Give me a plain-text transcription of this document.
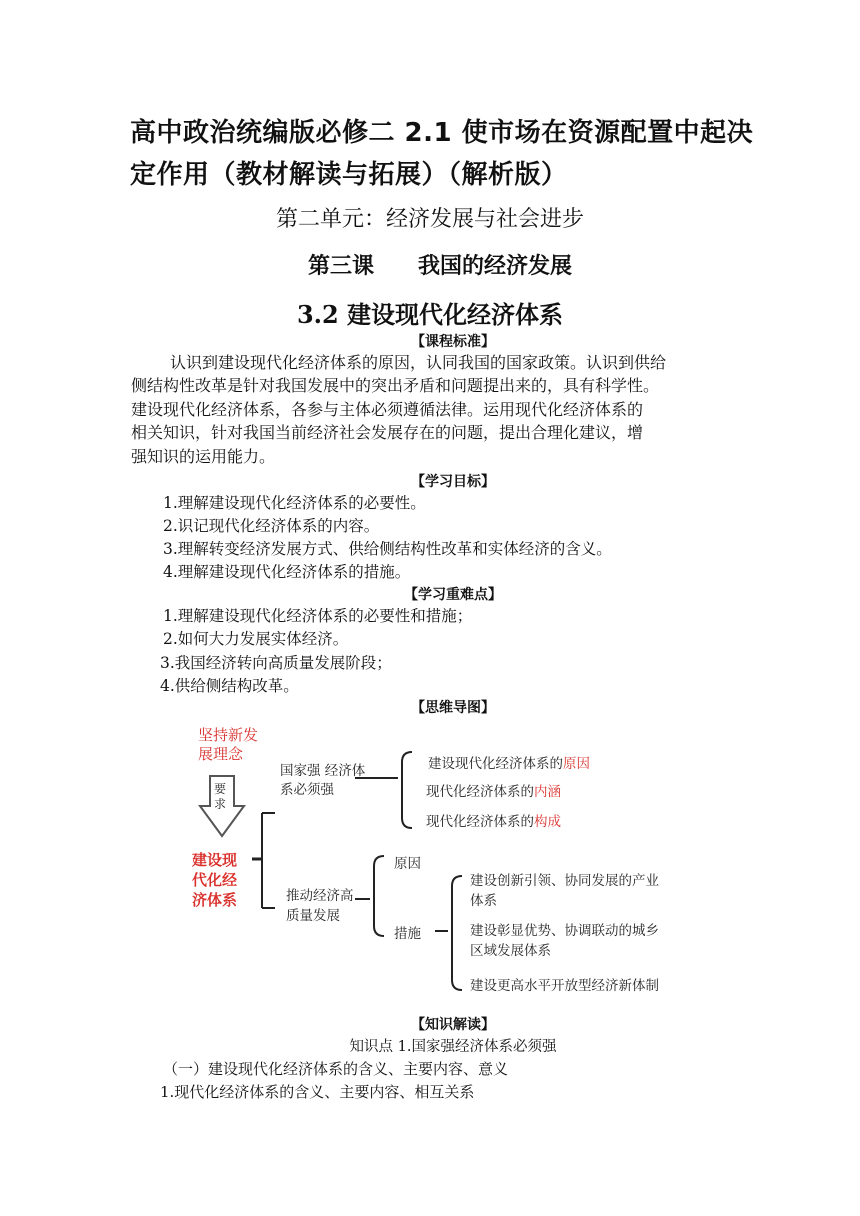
高中政治统编版必修二 2.1 使市场在资源配置中起决
定作用（教材解读与拓展）（解析版）
第二单元：经济发展与社会进步
第三课 我国的经济发展
3.2 建设现代化经济体系
【课程标准】
认识到建设现代化经济体系的原因，认同我国的国家政策。认识到供给
侧结构性改革是针对我国发展中的突出矛盾和问题提出来的，具有科学性。
建设现代化经济体系，各参与主体必须遵循法律。运用现代化经济体系的
相关知识，针对我国当前经济社会发展存在的问题，提出合理化建议，增
强知识的运用能力。
【学习目标】
1.理解建设现代化经济体系的必要性。
2.识记现代化经济体系的内容。
3.理解转变经济发展方式、供给侧结构性改革和实体经济的含义。
4.理解建设现代化经济体系的措施。
【学习重难点】
1.理解建设现代化经济体系的必要性和措施；
2.如何大力发展实体经济。
3.我国经济转向高质量发展阶段；
4.供给侧结构改革。
【思维导图】
坚持新发
展理念
要
求
建设现
代化经
济体系
国家强 经济体
系必须强
建设现代化经济体系的原因
现代化经济体系的内涵
现代化经济体系的构成
推动经济高
质量发展
原因
措施
建设创新引领、协同发展的产业
体系
建设彰显优势、协调联动的城乡
区域发展体系
建设更高水平开放型经济新体制
【知识解读】
知识点 1.国家强经济体系必须强
（一）建设现代化经济体系的含义、主要内容、意义
1.现代化经济体系的含义、主要内容、相互关系
